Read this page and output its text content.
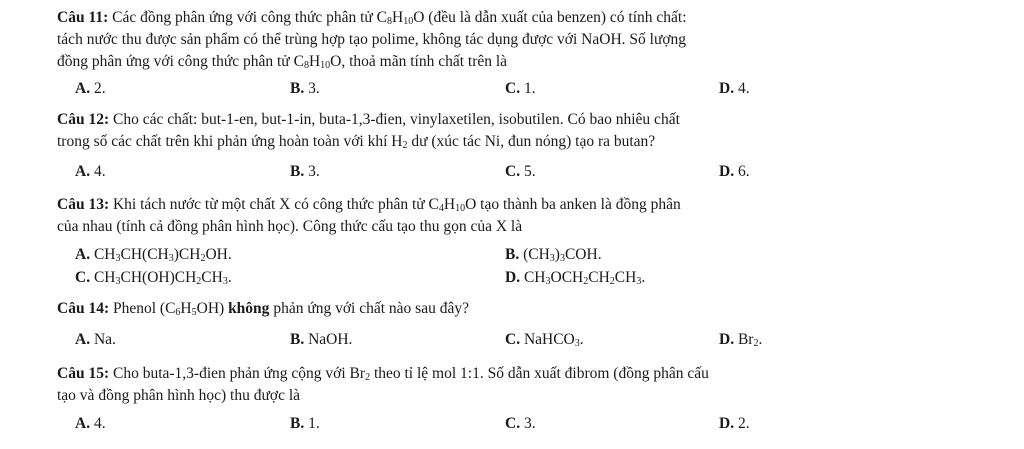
Câu 11: Các đồng phân ứng với công thức phân tử $C_8H_{10}O$ (đều là dẫn xuất của benzen) có tính chất:
tách nước thu được sản phẩm có thể trùng hợp tạo polime, không tác dụng được với NaOH. Số lượng
đồng phân ứng với công thức phân tử $C_8H_{10}O$, thoả mãn tính chất trên là
A. 2.	B. 3.	C. 1.	D. 4.
Câu 12: Cho các chất: but-1-en, but-1-in, buta-1,3-đien, vinylaxetilen, isobutilen. Có bao nhiêu chất
trong số các chất trên khi phản ứng hoàn toàn với khí $H_2$ dư (xúc tác Ni, đun nóng) tạo ra butan?
A. 4.	B. 3.	C. 5.	D. 6.
Câu 13: Khi tách nước từ một chất X có công thức phân tử $C_4H_{10}O$ tạo thành ba anken là đồng phân
của nhau (tính cả đồng phân hình học). Công thức cấu tạo thu gọn của X là
A. $CH_3CH(CH_3)CH_2OH$.	B. $(CH_3)_3COH$.
C. $CH_3CH(OH)CH_2CH_3$.	D. $CH_3OCH_2CH_2CH_3$.
Câu 14: Phenol $(C_6H_5OH)$ không phản ứng với chất nào sau đây?
A. Na.	B. NaOH.	C. NaHCO$_3$.	D. $Br_2$.
Câu 15: Cho buta-1,3-đien phản ứng cộng với $Br_2$ theo tỉ lệ mol 1:1. Số dẫn xuất đibrom (đồng phân cấu
tạo và đồng phân hình học) thu được là
A. 4.	B. 1.	C. 3.	D. 2.
